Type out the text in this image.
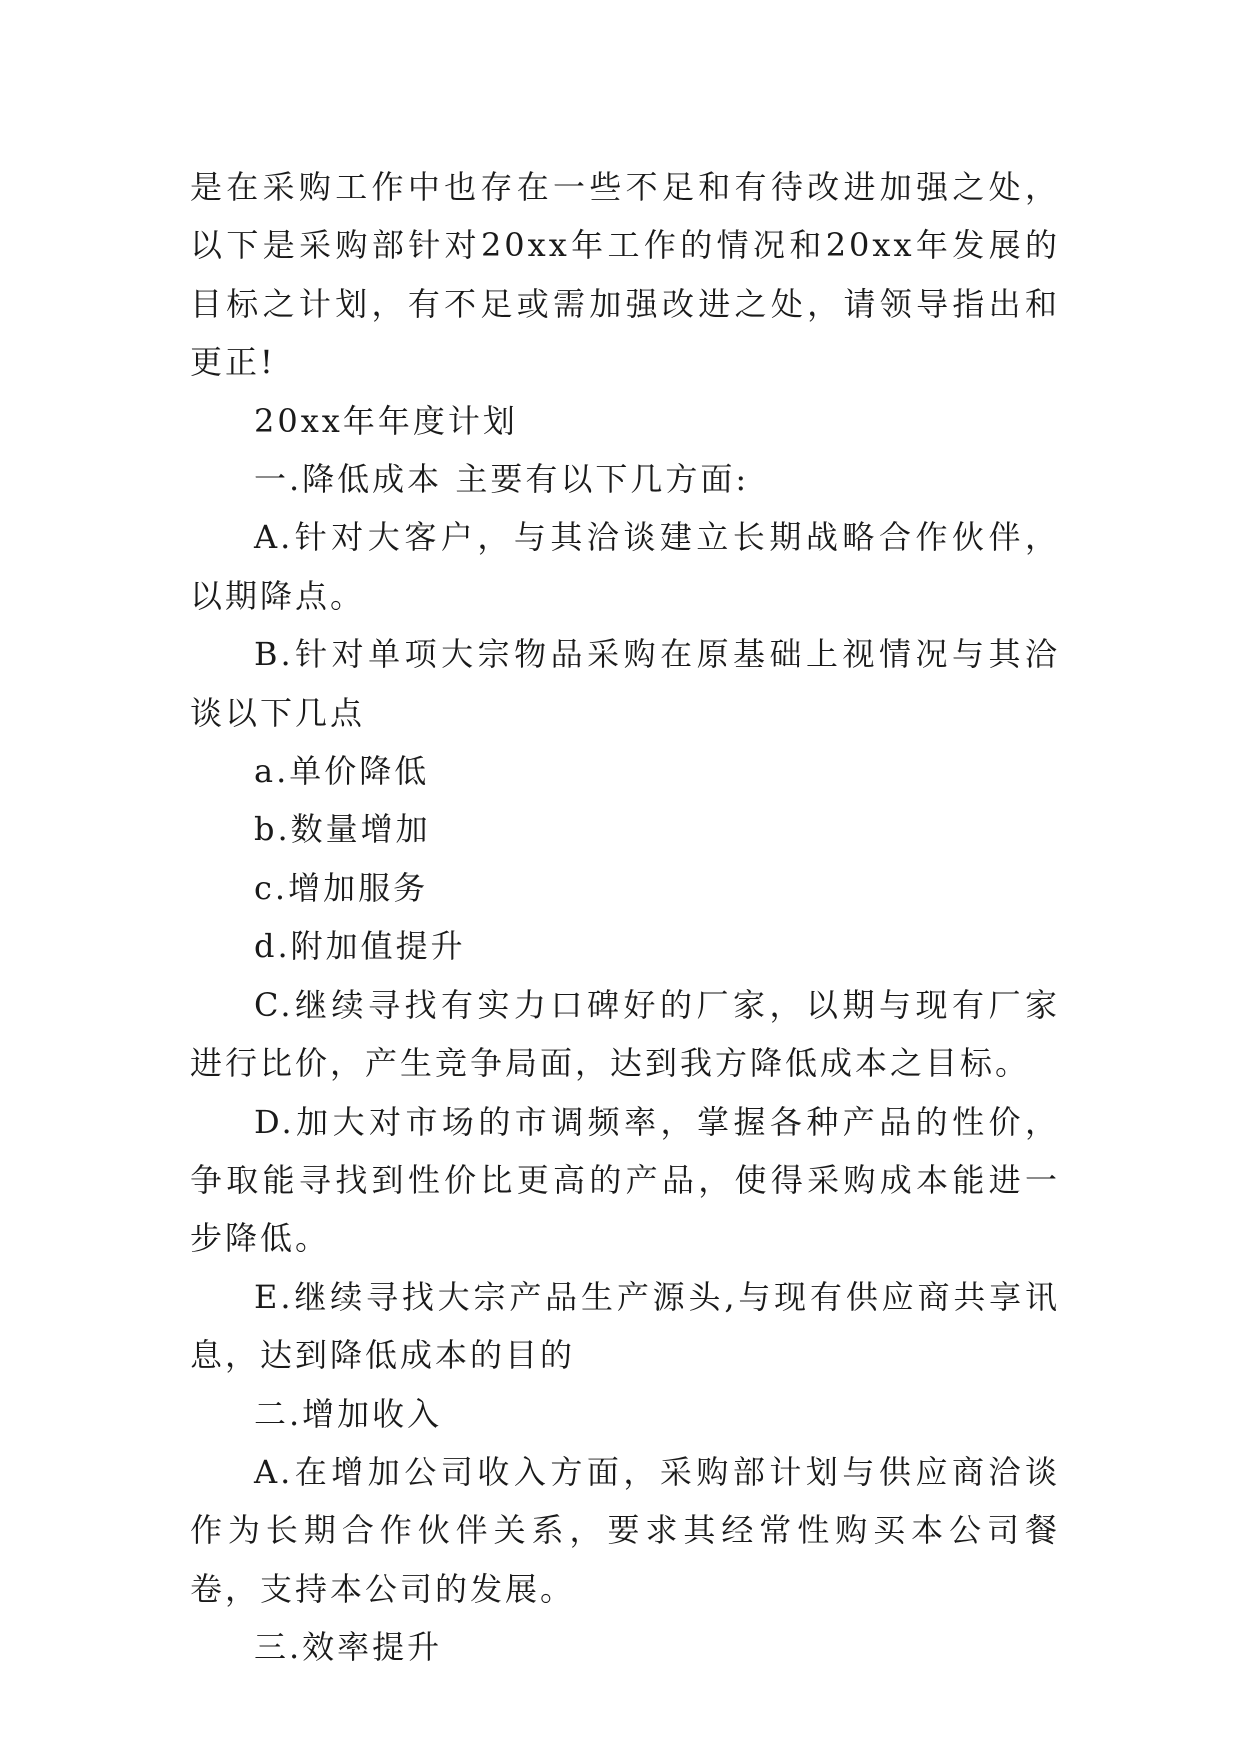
是在采购工作中也存在一些不足和有待改进加强之处，以下是采购部针对20xx年工作的情况和20xx年发展的目标之计划，有不足或需加强改进之处，请领导指出和更正!

20xx年年度计划

一.降低成本 主要有以下几方面:

A.针对大客户，与其洽谈建立长期战略合作伙伴，以期降点。

B.针对单项大宗物品采购在原基础上视情况与其洽谈以下几点

a.单价降低

b.数量增加

c.增加服务

d.附加值提升

C.继续寻找有实力口碑好的厂家，以期与现有厂家进行比价，产生竞争局面，达到我方降低成本之目标。

D.加大对市场的市调频率，掌握各种产品的性价，争取能寻找到性价比更高的产品，使得采购成本能进一步降低。

E.继续寻找大宗产品生产源头,与现有供应商共享讯息，达到降低成本的目的

二.增加收入

A.在增加公司收入方面，采购部计划与供应商洽谈作为长期合作伙伴关系，要求其经常性购买本公司餐卷，支持本公司的发展。

三.效率提升
